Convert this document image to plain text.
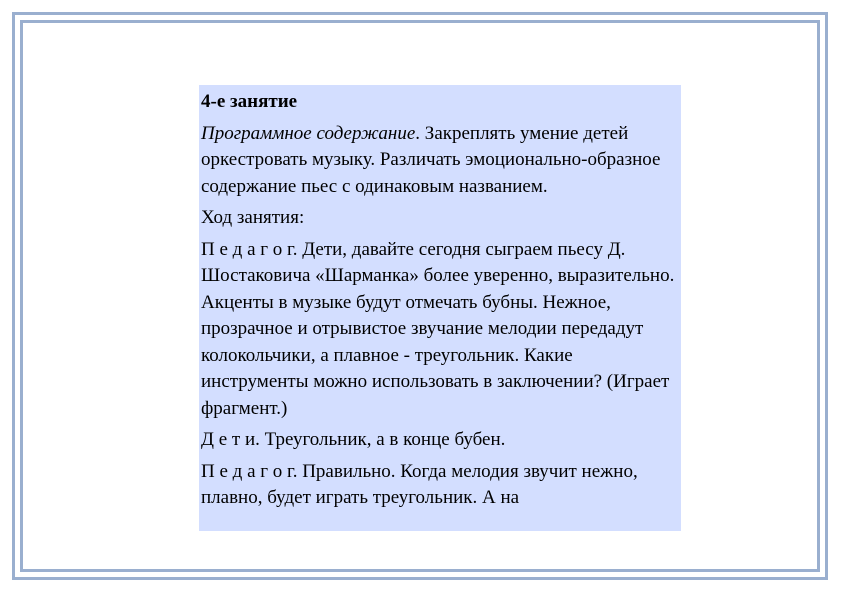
4-е занятие

Программное содержание. Закреплять умение детей оркестровать музыку. Различать эмоционально-образное содержание пьес с одинаковым названием.

Ход занятия:

П е д а г о г. Дети, давайте сегодня сыграем пьесу Д. Шостаковича «Шарманка» более уверенно, выразительно. Акценты в музыке будут отмечать бубны. Нежное, прозрачное и отрывистое звучание мелодии передадут колокольчики, а плавное - треугольник. Какие инструменты можно использовать в заключении? (Играет фрагмент.)

Д е т и. Треугольник, а в конце бубен.

П е д а г о г. Правильно. Когда мелодия звучит нежно, плавно, будет играть треугольник. А на
